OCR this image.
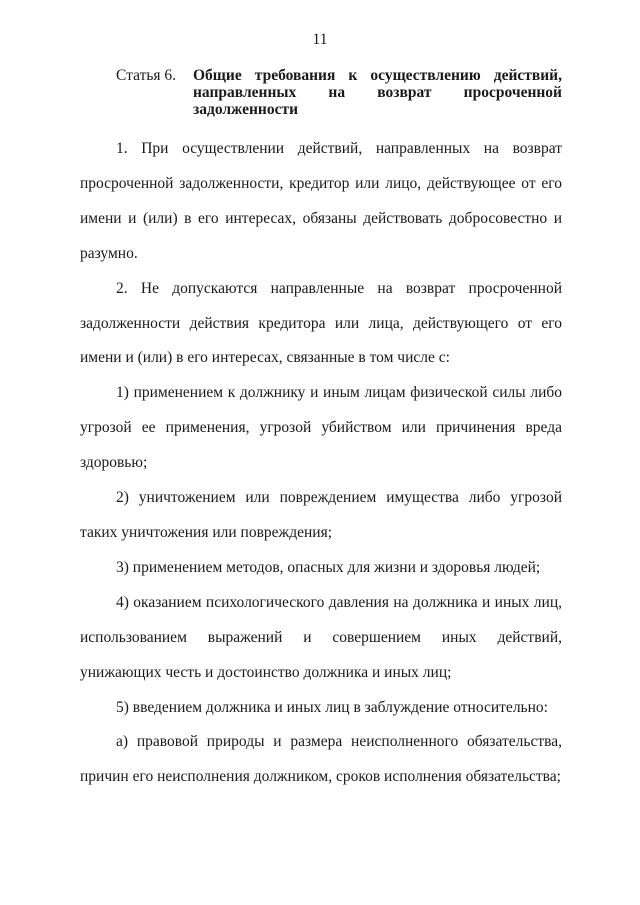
11
Статья 6. Общие требования к осуществлению действий, направленных на возврат просроченной задолженности

1. При осуществлении действий, направленных на возврат просроченной задолженности, кредитор или лицо, действующее от его имени и (или) в его интересах, обязаны действовать добросовестно и разумно.

2. Не допускаются направленные на возврат просроченной задолженности действия кредитора или лица, действующего от его имени и (или) в его интересах, связанные в том числе с:

1) применением к должнику и иным лицам физической силы либо угрозой ее применения, угрозой убийством или причинения вреда здоровью;

2) уничтожением или повреждением имущества либо угрозой таких уничтожения или повреждения;

3) применением методов, опасных для жизни и здоровья людей;

4) оказанием психологического давления на должника и иных лиц, использованием выражений и совершением иных действий, унижающих честь и достоинство должника и иных лиц;

5) введением должника и иных лиц в заблуждение относительно:

а) правовой природы и размера неисполненного обязательства, причин его неисполнения должником, сроков исполнения обязательства;
